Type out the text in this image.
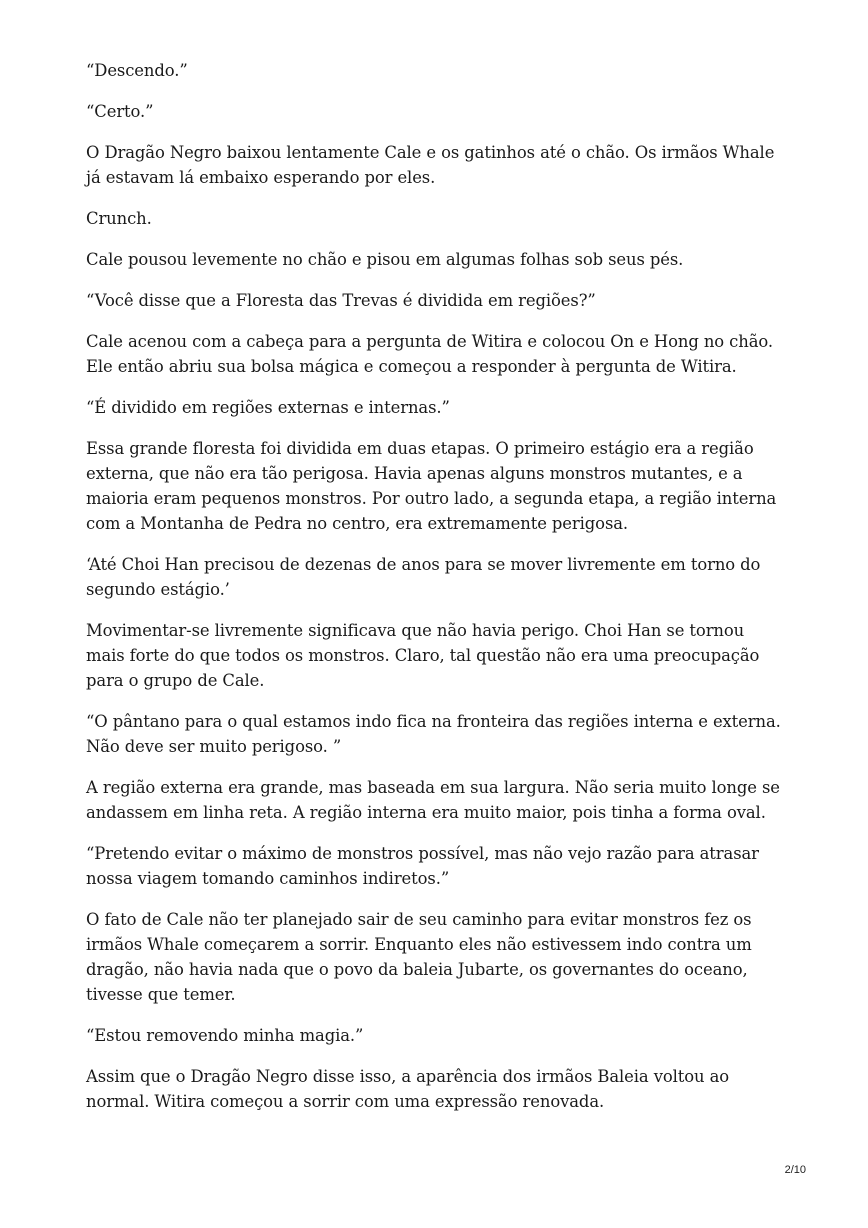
“Descendo.”

“Certo.”

O Dragão Negro baixou lentamente Cale e os gatinhos até o chão. Os irmãos Whale já estavam lá embaixo esperando por eles.

Crunch.

Cale pousou levemente no chão e pisou em algumas folhas sob seus pés.

“Você disse que a Floresta das Trevas é dividida em regiões?”

Cale acenou com a cabeça para a pergunta de Witira e colocou On e Hong no chão. Ele então abriu sua bolsa mágica e começou a responder à pergunta de Witira.

“É dividido em regiões externas e internas.”

Essa grande floresta foi dividida em duas etapas. O primeiro estágio era a região externa, que não era tão perigosa. Havia apenas alguns monstros mutantes, e a maioria eram pequenos monstros. Por outro lado, a segunda etapa, a região interna com a Montanha de Pedra no centro, era extremamente perigosa.

‘Até Choi Han precisou de dezenas de anos para se mover livremente em torno do segundo estágio.’

Movimentar-se livremente significava que não havia perigo. Choi Han se tornou mais forte do que todos os monstros. Claro, tal questão não era uma preocupação para o grupo de Cale.

“O pântano para o qual estamos indo fica na fronteira das regiões interna e externa. Não deve ser muito perigoso. ”

A região externa era grande, mas baseada em sua largura. Não seria muito longe se andassem em linha reta. A região interna era muito maior, pois tinha a forma oval.

“Pretendo evitar o máximo de monstros possível, mas não vejo razão para atrasar nossa viagem tomando caminhos indiretos.”

O fato de Cale não ter planejado sair de seu caminho para evitar monstros fez os irmãos Whale começarem a sorrir. Enquanto eles não estivessem indo contra um dragão, não havia nada que o povo da baleia Jubarte, os governantes do oceano, tivesse que temer.

“Estou removendo minha magia.”

Assim que o Dragão Negro disse isso, a aparência dos irmãos Baleia voltou ao normal. Witira começou a sorrir com uma expressão renovada.

2/10
